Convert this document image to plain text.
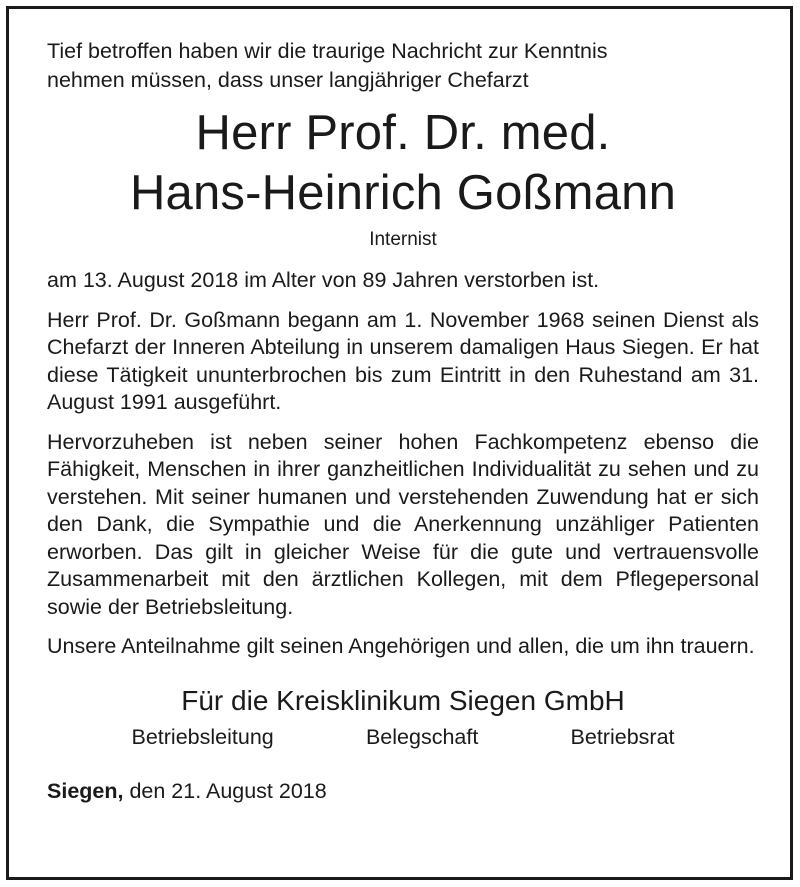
Tief betroffen haben wir die traurige Nachricht zur Kenntnis
nehmen müssen, dass unser langjähriger Chefarzt

Herr Prof. Dr. med.
Hans-Heinrich Goßmann
Internist

am 13. August 2018 im Alter von 89 Jahren verstorben ist.

Herr Prof. Dr. Goßmann begann am 1. November 1968 seinen Dienst als Chefarzt der Inneren Abteilung in unserem damaligen Haus Siegen. Er hat diese Tätigkeit ununterbrochen bis zum Eintritt in den Ruhestand am 31. August 1991 ausgeführt.

Hervorzuheben ist neben seiner hohen Fachkompetenz ebenso die Fähigkeit, Menschen in ihrer ganzheitlichen Individualität zu sehen und zu verstehen. Mit seiner humanen und verstehenden Zuwendung hat er sich den Dank, die Sympathie und die Anerkennung unzähliger Patienten erworben. Das gilt in gleicher Weise für die gute und vertrauensvolle Zusammenarbeit mit den ärztlichen Kollegen, mit dem Pflegepersonal sowie der Betriebsleitung.

Unsere Anteilnahme gilt seinen Angehörigen und allen, die um ihn trauern.

Für die Kreisklinikum Siegen GmbH
Betriebsleitung	Belegschaft	Betriebsrat

Siegen, den 21. August 2018
